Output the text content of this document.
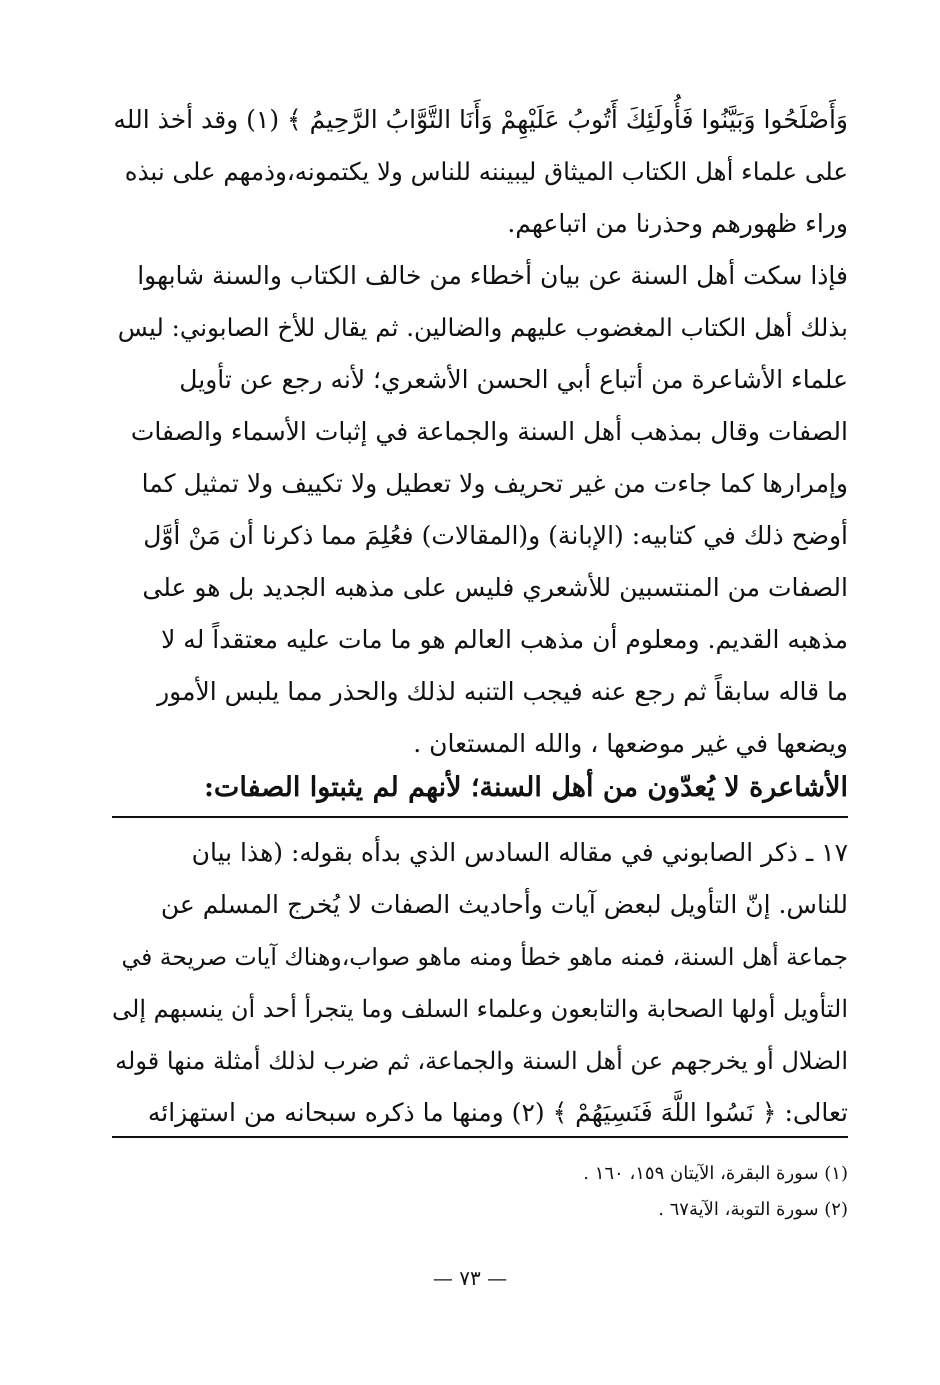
وَأَصْلَحُوا وَبَيَّنُوا فَأُولَئِكَ أَتُوبُ عَلَيْهِمْ وَأَنَا التَّوَّابُ الرَّحِيمُ ﴾ (١) وقد أخذ الله
على علماء أهل الكتاب الميثاق ليبيننه للناس ولا يكتمونه،وذمهم على نبذه
وراء ظهورهم وحذرنا من اتباعهم.
فإذا سكت أهل السنة عن بيان أخطاء من خالف الكتاب والسنة شابهوا
بذلك أهل الكتاب المغضوب عليهم والضالين. ثم يقال للأخ الصابوني: ليس
علماء الأشاعرة من أتباع أبي الحسن الأشعري؛ لأنه رجع عن تأويل
الصفات وقال بمذهب أهل السنة والجماعة في إثبات الأسماء والصفات
وإمرارها كما جاءت من غير تحريف ولا تعطيل ولا تكييف ولا تمثيل كما
أوضح ذلك في كتابيه: (الإبانة) و(المقالات) فعُلِمَ مما ذكرنا أن مَنْ أوَّل
الصفات من المنتسبين للأشعري فليس على مذهبه الجديد بل هو على
مذهبه القديم. ومعلوم أن مذهب العالم هو ما مات عليه معتقداً له لا
ما قاله سابقاً ثم رجع عنه فيجب التنبه لذلك والحذر مما يلبس الأمور
ويضعها في غير موضعها ، والله المستعان .
الأشاعرة لا يُعدّون من أهل السنة؛ لأنهم لم يثبتوا الصفات:
١٧ ـ ذكر الصابوني في مقاله السادس الذي بدأه بقوله: (هذا بيان
للناس. إنّ التأويل لبعض آيات وأحاديث الصفات لا يُخرج المسلم عن
جماعة أهل السنة، فمنه ماهو خطأ ومنه ماهو صواب،وهناك آيات صريحة في
التأويل أولها الصحابة والتابعون وعلماء السلف وما يتجرأ أحد أن ينسبهم إلى
الضلال أو يخرجهم عن أهل السنة والجماعة، ثم ضرب لذلك أمثلة منها قوله
تعالى: ﴿ نَسُوا اللَّهَ فَنَسِيَهُمْ ﴾ (٢) ومنها ما ذكره سبحانه من استهزائه
(١) سورة البقرة، الآيتان ١٥٩، ١٦٠ .
(٢) سورة التوبة، الآية٦٧ .
— ٧٣ —
